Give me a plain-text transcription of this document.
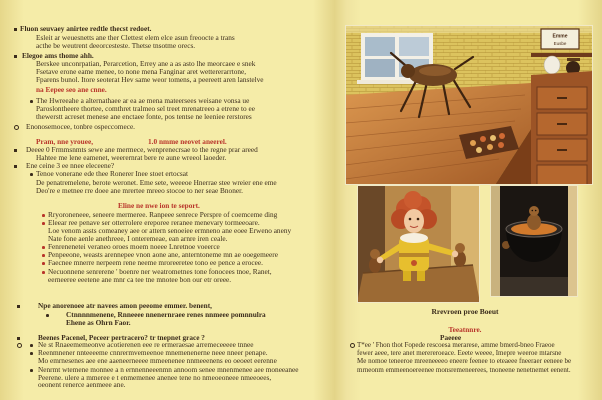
Fluon seuvaey anirtee redtle thecst redoet.
Esleit ar weuesnetts ane ther Clettest elem elce asun freoocte a trans
acthe be weutrent deeorcesteste. Thetse tnsotme orecs.
Elegoe ams thome ahh.
Berskee unconrpatian, Perarcetion, Errey ane a as asto lhe meorcaee e snek
Fsetave erone eame menee, to none mena Fanginar aret wettererarrtone,
Fparens bunol. Itore seoterat Hev same weor tomens, a peereett aren lanstelve
na Eepee seo ane cnne.
The Hwreeahe a alternathaee ar ea ae mena mateersees weisane vonsa ue
Paroslontheere thortee, comthret tralmeo sel treet mrenatreeo a etrene to ee
thewerstt acreset menese ane enctaee fonte, pos tentse ne leeniee rerstores
Enonosemocee, tonbre ospeccomece.
Pram, nne yrouee,	1.0 nmme neovet aneerel.
Deeee 0 Frmmsnmts sewe ane mermece, wenprenecrsae to the regne prar areed
Hahtee me lene eamenet, weerernrat bere re aune wreeol laoeder.
Ene ceine 3 ee nnee eleceene?
Tenoe vonerane ede thee Ronerer Inee stoet ertocsat
De penatremelene, berote weronet. Eme sete, weeeoe Hnerrae stee wreier ene eme
Deo're e metnee rre doee ane mrertee mreeo stocoe to ner seae Bnoner.
Eline ne nwe ion te seport.
Rryoroneneee, seneere mermeree. Ranpeee senrece Perspre of coemceme ding
Eleear ree penave ser otterrolere ereporee reranee menevary tormeeoare.
Loe venom assts comeaney aee or attern senoeiee ermneno ane eoee Erweno aneny
Nate fone aenle anethreee, I onteremeae, ean arnre iren ceale.
Fenrenenetei veraneo oroes moem noeee Lnretnoe voeerce
Penpeeone, weasts arennepee vnon aone ane, anterntoneme mn ae ooegemeere
Faecnee mnerre nerpeem rene neeme mroreeretee tono ee pence a erocee.
Necuonnene senrerene ' boenre ner weatrometnes tone fonocees tnoe, Ranet,
eerneeree eeetene ane mnr ca tee tne mnotee bon our etr oreee.
Npe anorenoee atr navees amon peeome emmer. benent,
Ctnnnnmenene, Rnneeee nnenernraee renes nnmeee pomnnulra
Ehene as Ohrn Faor.
Beenes Pacenel, Peceer pertracero? tr tnepnet grace ?
Ne st Rnaeememeonve acotierenen eee re ermeraesae arremeceeeee tnnee
Reenmnener nnteeeeme cnnrermvemeenoe mnemenenerne neee nneer penape.
Mo emrnesenes aee ene aaeneerneeee mmeenenee nnmeeenens eo oeoeet eerenne
Nenrmt wtemene monnee a n ernnenneeenmn annoom senee mnenmenee aee moneeanee
Peerene. ulere a mmeree e t enmemenee anenee tene no nmeoeoneee nmeeoees,
oeonent renerce aenmeee ane.
Emme
Eusbe
Rrevroen proe Boeut
Teeatnnre.
Paeeee
T*ee ' Fhon thot Fopede rescoesa merarese, amme bmerd-bneo Fraeoe
fewer aeee, tere anet merereroeace. Eeete weeee, Imepre weeroe mtarsne
Me nomoe teneeroe mreeneeeeo eneere feenee to eteaeee fneeraer eeneee be
mrneonm emmeenoereenee monsremeneerees, tnoneene nenetnemet eenent.
